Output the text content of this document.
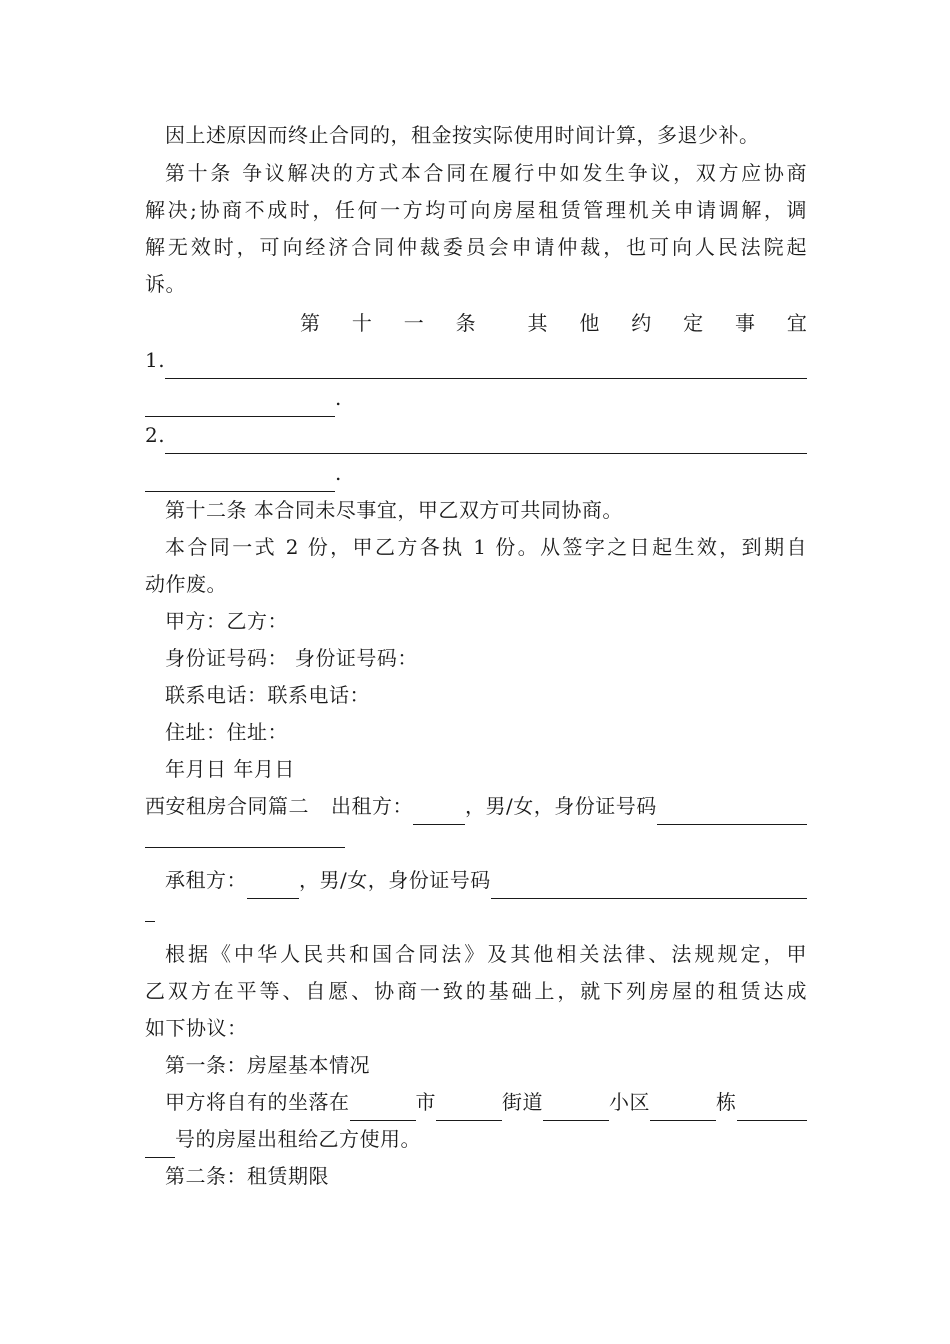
因上述原因而终止合同的，租金按实际使用时间计算，多退少补。
第十条 争议解决的方式本合同在履行中如发生争议，双方应协商
解决;协商不成时，任何一方均可向房屋租赁管理机关申请调解，调
解无效时，可向经济合同仲裁委员会申请仲裁，也可向人民法院起
诉。
第 十 一 条	其 他 约 定 事 宜
1.
.
2.
.
第十二条 本合同未尽事宜，甲乙双方可共同协商。
本合同一式 2 份，甲乙方各执 1 份。从签字之日起生效，到期自
动作废。
甲方：乙方：
身份证号码： 身份证号码：
联系电话：联系电话：
住址：住址：
年月日 年月日
西安租房合同篇二 出租方：	，男/女，身份证号码
承租方：	，男/女，身份证号码
根据《中华人民共和国合同法》及其他相关法律、法规规定，甲
乙双方在平等、自愿、协商一致的基础上，就下列房屋的租赁达成
如下协议：
第一条：房屋基本情况
甲方将自有的坐落在	市	街道	小区	栋
号的房屋出租给乙方使用。
第二条：租赁期限
